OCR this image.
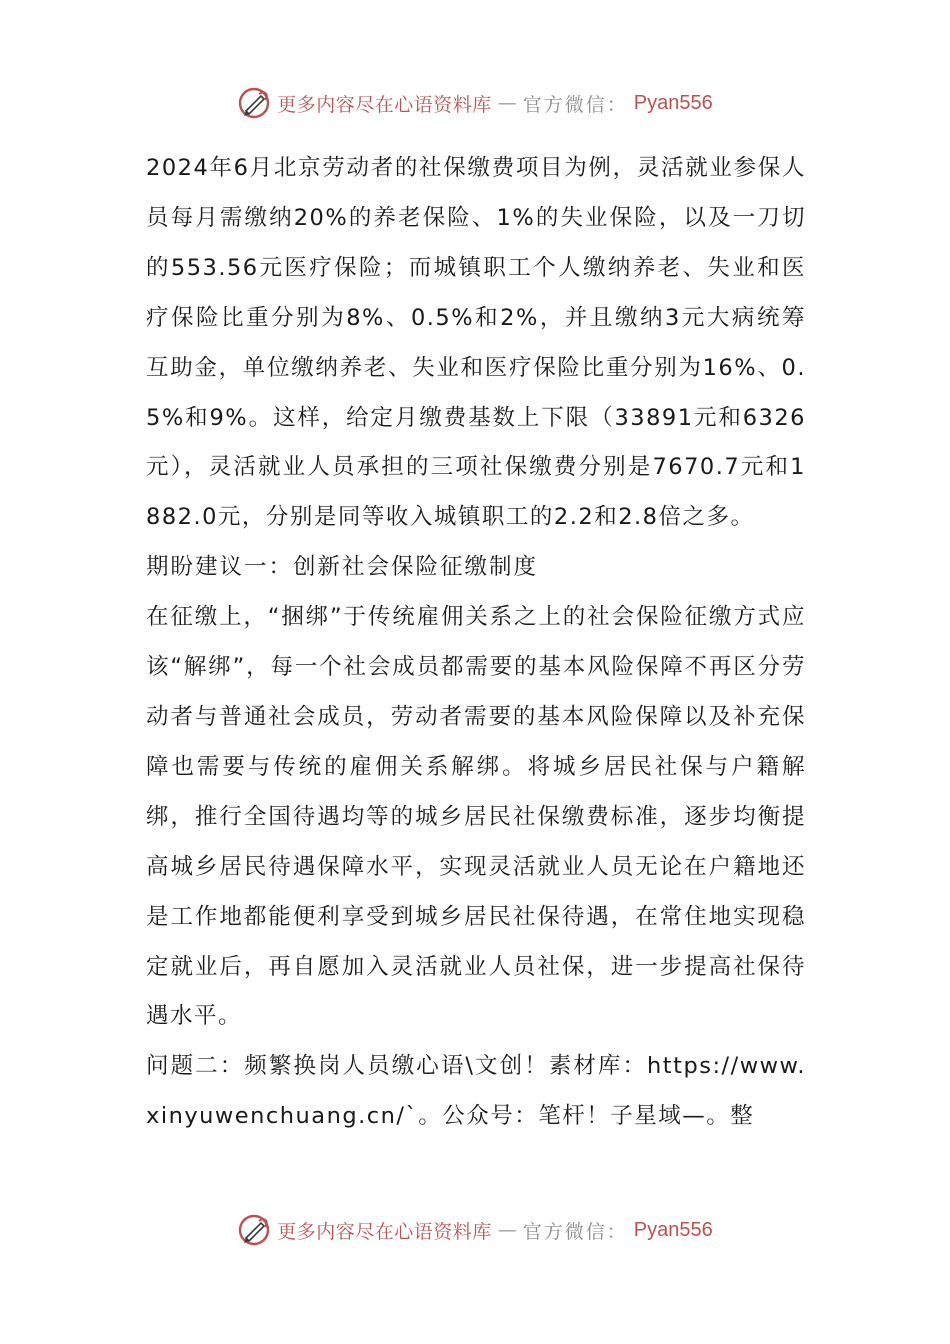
更多内容尽在心语资料库 — 官方微信： Pyan556

2024年6月北京劳动者的社保缴费项目为例，灵活就业参保人员每月需缴纳20%的养老保险、1%的失业保险，以及一刀切的553.56元医疗保险；而城镇职工个人缴纳养老、失业和医疗保险比重分别为8%、0.5%和2%，并且缴纳3元大病统筹互助金，单位缴纳养老、失业和医疗保险比重分别为16%、0.5%和9%。这样，给定月缴费基数上下限（33891元和6326元），灵活就业人员承担的三项社保缴费分别是7670.7元和1882.0元，分别是同等收入城镇职工的2.2和2.8倍之多。

期盼建议一：创新社会保险征缴制度

在征缴上，“捆绑”于传统雇佣关系之上的社会保险征缴方式应该“解绑”，每一个社会成员都需要的基本风险保障不再区分劳动者与普通社会成员，劳动者需要的基本风险保障以及补充保障也需要与传统的雇佣关系解绑。将城乡居民社保与户籍解绑，推行全国待遇均等的城乡居民社保缴费标准，逐步均衡提高城乡居民待遇保障水平，实现灵活就业人员无论在户籍地还是工作地都能便利享受到城乡居民社保待遇，在常住地实现稳定就业后，再自愿加入灵活就业人员社保，进一步提高社保待遇水平。

问题二：频繁换岗人员缴心语\文创！素材库：https://www.xinyuwenchuang.cn/`。公众号：笔杆！子星域—。整

更多内容尽在心语资料库 — 官方微信： Pyan556
